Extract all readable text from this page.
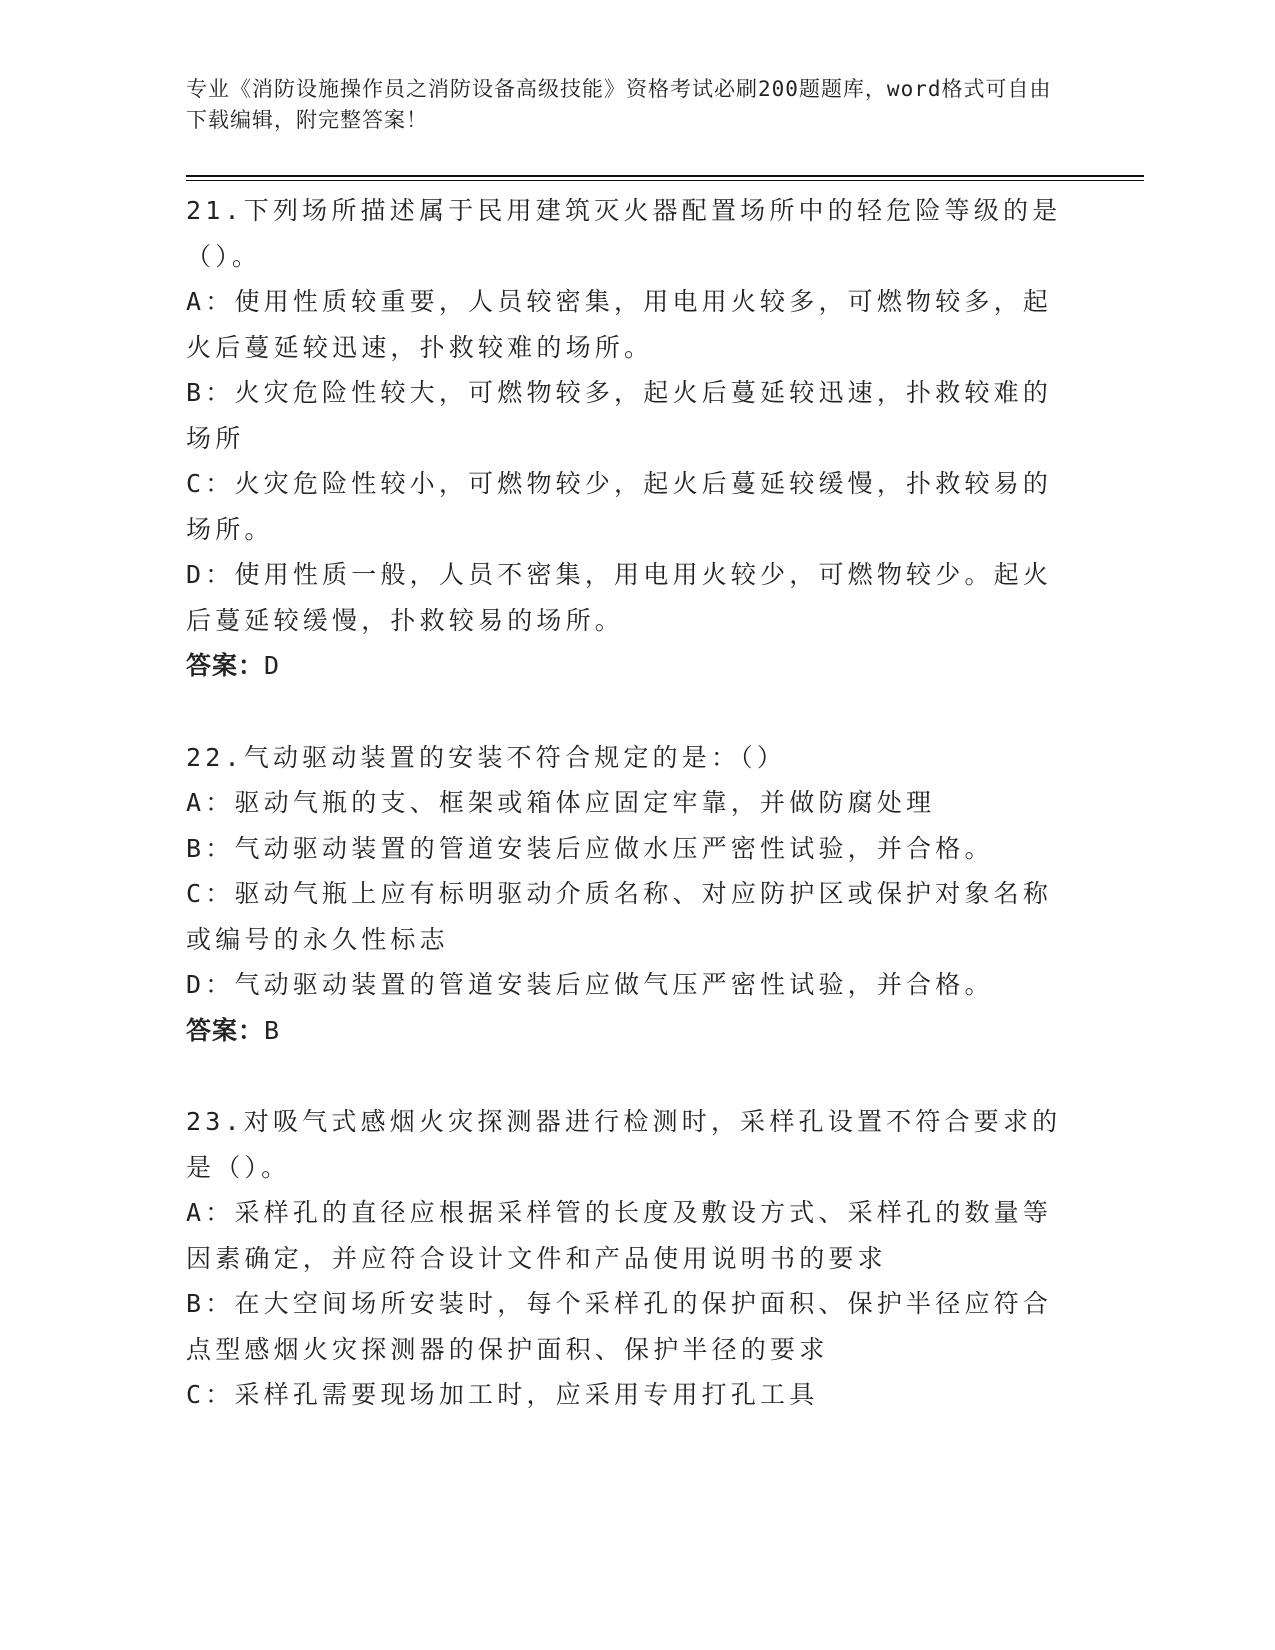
专业《消防设施操作员之消防设备高级技能》资格考试必刷200题题库，word格式可自由下载编辑，附完整答案！

21.下列场所描述属于民用建筑灭火器配置场所中的轻危险等级的是（）。

A：使用性质较重要，人员较密集，用电用火较多，可燃物较多，起火后蔓延较迅速，扑救较难的场所。

B：火灾危险性较大，可燃物较多，起火后蔓延较迅速，扑救较难的场所

C：火灾危险性较小，可燃物较少，起火后蔓延较缓慢，扑救较易的场所。

D：使用性质一般，人员不密集，用电用火较少，可燃物较少。起火后蔓延较缓慢，扑救较易的场所。

答案：D

22.气动驱动装置的安装不符合规定的是：（）

A：驱动气瓶的支、框架或箱体应固定牢靠，并做防腐处理

B：气动驱动装置的管道安装后应做水压严密性试验，并合格。

C：驱动气瓶上应有标明驱动介质名称、对应防护区或保护对象名称或编号的永久性标志

D：气动驱动装置的管道安装后应做气压严密性试验，并合格。

答案：B

23.对吸气式感烟火灾探测器进行检测时，采样孔设置不符合要求的是（）。

A：采样孔的直径应根据采样管的长度及敷设方式、采样孔的数量等因素确定，并应符合设计文件和产品使用说明书的要求

B：在大空间场所安装时，每个采样孔的保护面积、保护半径应符合点型感烟火灾探测器的保护面积、保护半径的要求

C：采样孔需要现场加工时，应采用专用打孔工具
